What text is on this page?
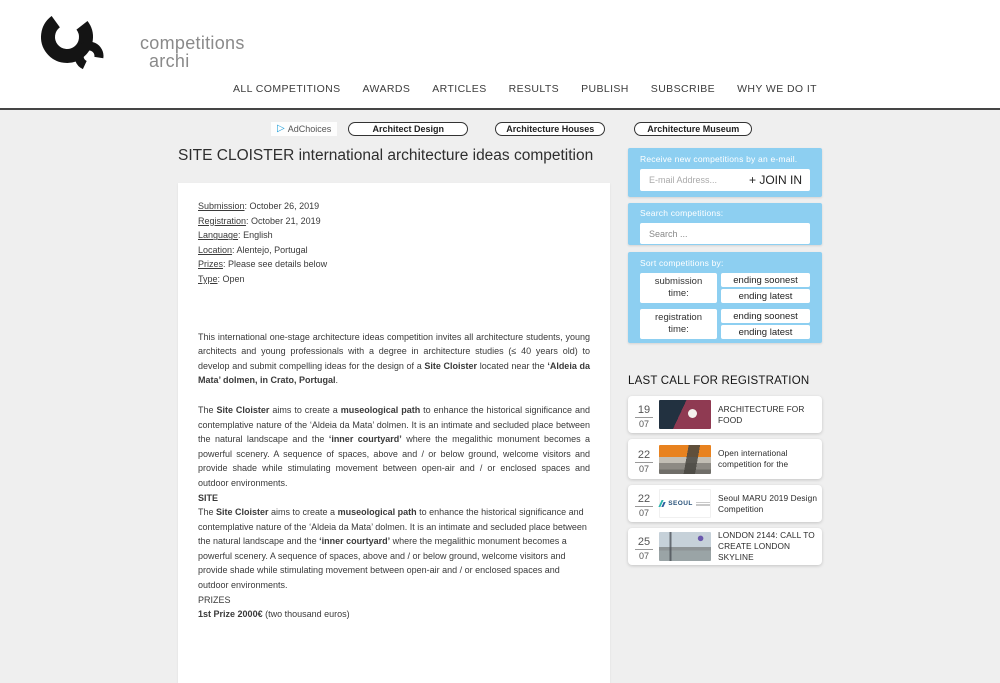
competitions
archi
ALL COMPETITIONS AWARDS ARTICLES RESULTS PUBLISH SUBSCRIBE WHY WE DO IT
▷ AdChoices	Architect Design	Architecture Houses	Architecture Museum
SITE CLOISTER international architecture ideas competition
Submission: October 26, 2019
Registration: October 21, 2019
Language: English
Location: Alentejo, Portugal
Prizes: Please see details below
Type: Open
This international one-stage architecture ideas competition invites all architecture students, young architects and young professionals with a degree in architecture studies (≤ 40 years old) to develop and submit compelling ideas for the design of a Site Cloister located near the ‘Aldeia da Mata’ dolmen, in Crato, Portugal.
The Site Cloister aims to create a museological path to enhance the historical significance and contemplative nature of the ‘Aldeia da Mata’ dolmen. It is an intimate and secluded place between the natural landscape and the ‘inner courtyard’ where the megalithic monument becomes a powerful scenery. A sequence of spaces, above and / or below ground, welcome visitors and provide shade while stimulating movement between open-air and / or enclosed spaces and outdoor environments.
SITE
The Site Cloister aims to create a museological path to enhance the historical significance and contemplative nature of the ‘Aldeia da Mata’ dolmen. It is an intimate and secluded place between the natural landscape and the ‘inner courtyard’ where the megalithic monument becomes a powerful scenery. A sequence of spaces, above and / or below ground, welcome visitors and provide shade while stimulating movement between open-air and / or enclosed spaces and outdoor environments.
PRIZES
1st Prize 2000€ (two thousand euros)
Receive new competitions by an e-mail.
E-mail Address...
+ JOIN IN
Search competitions:
Search ...
Sort competitions by:
submission
time:
ending soonest
ending latest
registration
time:
ending soonest
ending latest
LAST CALL FOR REGISTRATION
19
07
ARCHITECTURE FOR FOOD
22
07
Open international competition for the
22
07
SEOUL
Seoul MARU 2019 Design Competition
25
07
LONDON 2144: CALL TO CREATE LONDON SKYLINE
